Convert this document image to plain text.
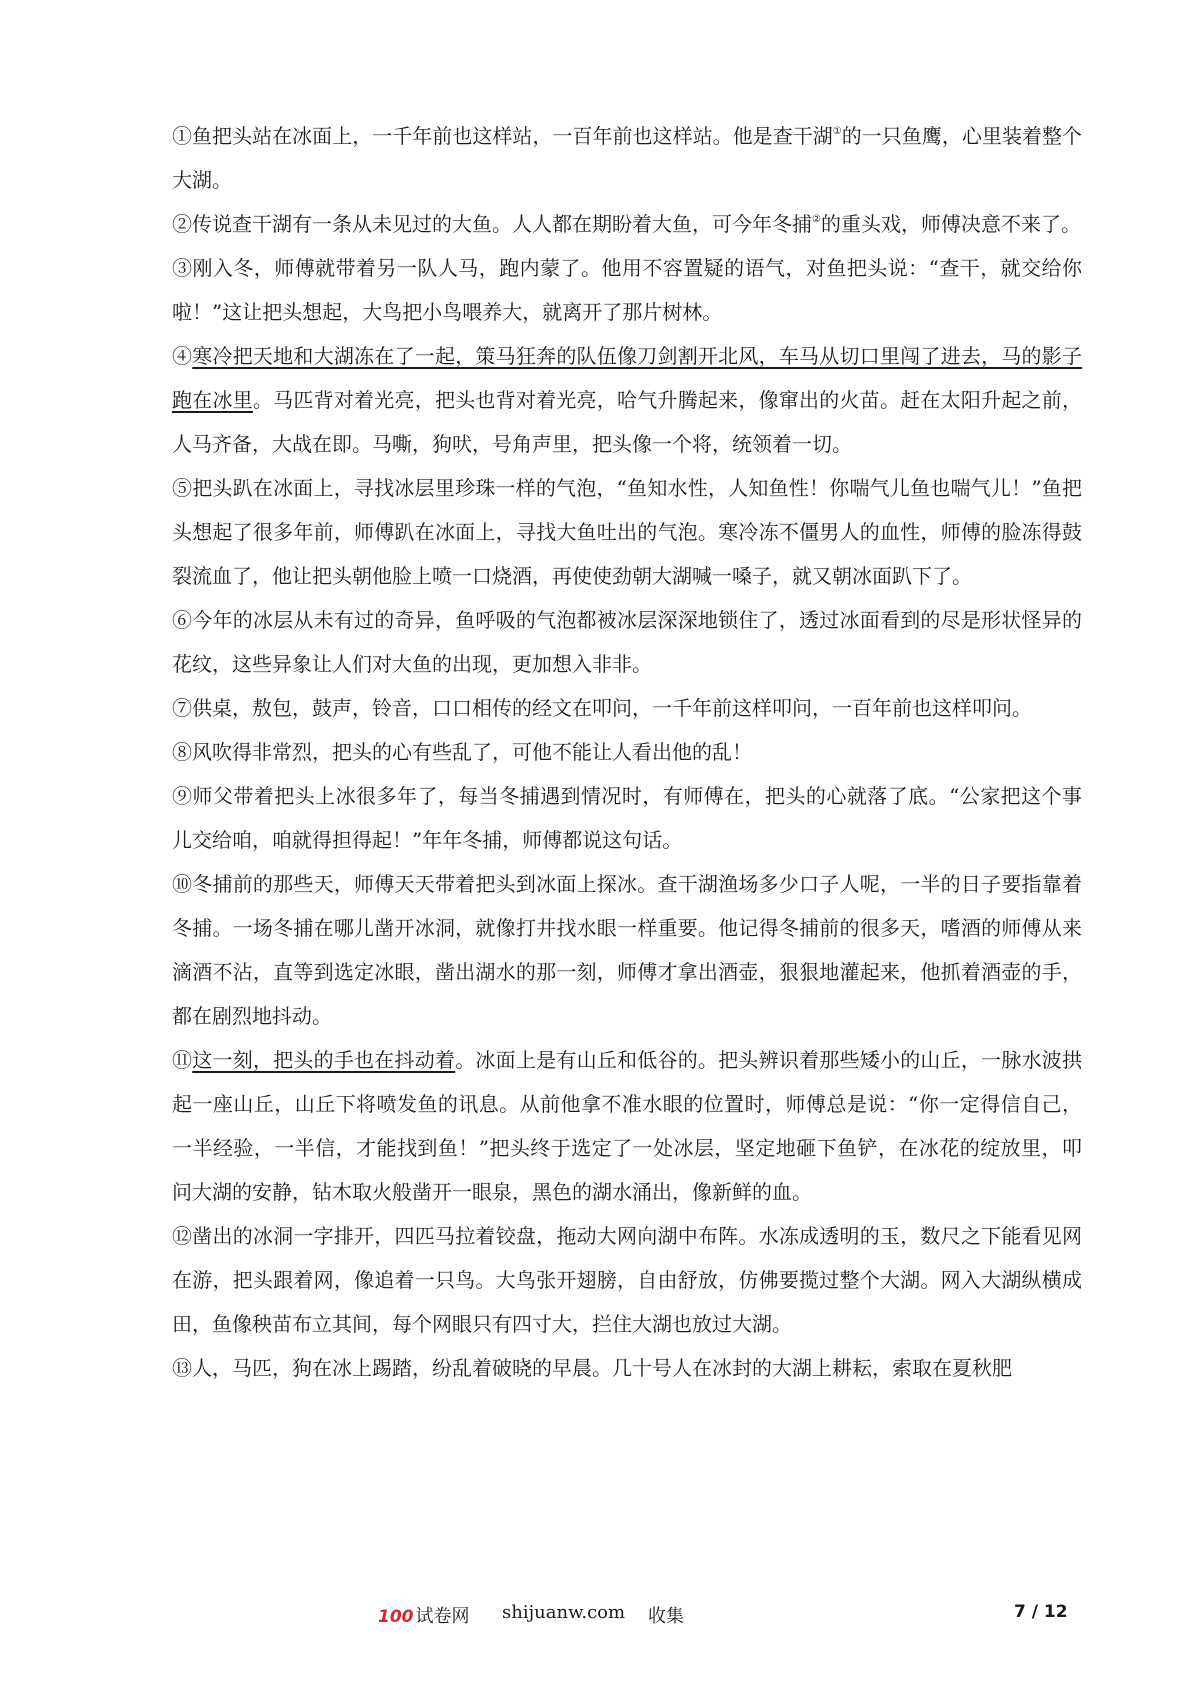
①鱼把头站在冰面上，一千年前也这样站，一百年前也这样站。他是查干湖①的一只鱼鹰，心里装着整个大湖。

②传说查干湖有一条从未见过的大鱼。人人都在期盼着大鱼，可今年冬捕②的重头戏，师傅决意不来了。

③刚入冬，师傅就带着另一队人马，跑内蒙了。他用不容置疑的语气，对鱼把头说：“查干，就交给你啦！”这让把头想起，大鸟把小鸟喂养大，就离开了那片树林。

④寒冷把天地和大湖冻在了一起，策马狂奔的队伍像刀剑割开北风，车马从切口里闯了进去，马的影子跑在冰里。马匹背对着光亮，把头也背对着光亮，哈气升腾起来，像窜出的火苗。赶在太阳升起之前，人马齐备，大战在即。马嘶，狗吠，号角声里，把头像一个将，统领着一切。

⑤把头趴在冰面上，寻找冰层里珍珠一样的气泡，“鱼知水性，人知鱼性！你喘气儿鱼也喘气儿！”鱼把头想起了很多年前，师傅趴在冰面上，寻找大鱼吐出的气泡。寒冷冻不僵男人的血性，师傅的脸冻得鼓裂流血了，他让把头朝他脸上喷一口烧酒，再使使劲朝大湖喊一嗓子，就又朝冰面趴下了。

⑥今年的冰层从未有过的奇异，鱼呼吸的气泡都被冰层深深地锁住了，透过冰面看到的尽是形状怪异的花纹，这些异象让人们对大鱼的出现，更加想入非非。

⑦供桌，敖包，鼓声，铃音，口口相传的经文在叩问，一千年前这样叩问，一百年前也这样叩问。

⑧风吹得非常烈，把头的心有些乱了，可他不能让人看出他的乱！

⑨师父带着把头上冰很多年了，每当冬捕遇到情况时，有师傅在，把头的心就落了底。“公家把这个事儿交给咱，咱就得担得起！”年年冬捕，师傅都说这句话。

⑩冬捕前的那些天，师傅天天带着把头到冰面上探冰。查干湖渔场多少口子人呢，一半的日子要指靠着冬捕。一场冬捕在哪儿凿开冰洞，就像打井找水眼一样重要。他记得冬捕前的很多天，嗜酒的师傅从来滴酒不沾，直等到选定冰眼，凿出湖水的那一刻，师傅才拿出酒壶，狠狠地灌起来，他抓着酒壶的手，都在剧烈地抖动。

⑪这一刻，把头的手也在抖动着。冰面上是有山丘和低谷的。把头辨识着那些矮小的山丘，一脉水波拱起一座山丘，山丘下将喷发鱼的讯息。从前他拿不准水眼的位置时，师傅总是说：“你一定得信自己，一半经验，一半信，才能找到鱼！”把头终于选定了一处冰层，坚定地砸下鱼铲，在冰花的绽放里，叩问大湖的安静，钻木取火般凿开一眼泉，黑色的湖水涌出，像新鲜的血。

⑫凿出的冰洞一字排开，四匹马拉着铰盘，拖动大网向湖中布阵。水冻成透明的玉，数尺之下能看见网在游，把头跟着网，像追着一只鸟。大鸟张开翅膀，自由舒放，仿佛要揽过整个大湖。网入大湖纵横成田，鱼像秧苗布立其间，每个网眼只有四寸大，拦住大湖也放过大湖。

⑬人，马匹，狗在冰上踢踏，纷乱着破晓的早晨。几十号人在冰封的大湖上耕耘，索取在夏秋肥

100 试卷网 shijuanw.com 收集	7 / 12
